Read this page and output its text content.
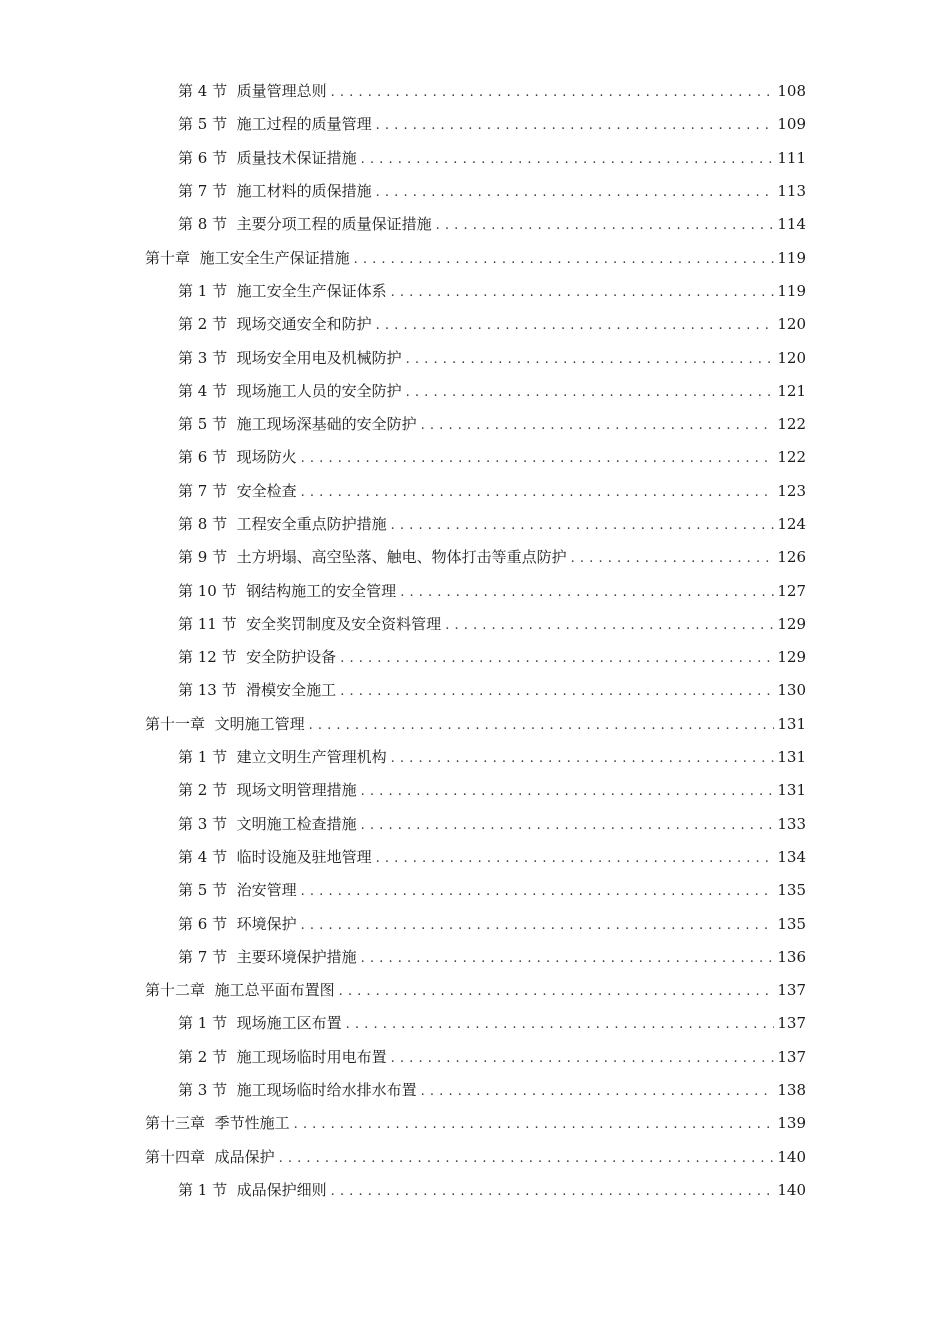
第 4 节 质量管理总则 . . .	108
第 5 节 施工过程的质量管理 . . .	109
第 6 节 质量技术保证措施 . . .	111
第 7 节 施工材料的质保措施 . . .	113
第 8 节 主要分项工程的质量保证措施 . . .	114
第十章 施工安全生产保证措施 . . .	119
第 1 节 施工安全生产保证体系 . . .	119
第 2 节 现场交通安全和防护 . . .	120
第 3 节 现场安全用电及机械防护 . . .	120
第 4 节 现场施工人员的安全防护 . . .	121
第 5 节 施工现场深基础的安全防护 . . .	122
第 6 节 现场防火 . . .	122
第 7 节 安全检查 . . .	123
第 8 节 工程安全重点防护措施 . . .	124
第 9 节 土方坍塌、高空坠落、触电、物体打击等重点防护 . . .	126
第 10 节 钢结构施工的安全管理 . . .	127
第 11 节 安全奖罚制度及安全资料管理 . . .	129
第 12 节 安全防护设备 . . .	129
第 13 节 滑模安全施工 . . .	130
第十一章 文明施工管理 . . .	131
第 1 节 建立文明生产管理机构 . . .	131
第 2 节 现场文明管理措施 . . .	131
第 3 节 文明施工检查措施 . . .	133
第 4 节 临时设施及驻地管理 . . .	134
第 5 节 治安管理 . . .	135
第 6 节 环境保护 . . .	135
第 7 节 主要环境保护措施 . . .	136
第十二章 施工总平面布置图 . . .	137
第 1 节 现场施工区布置 . . .	137
第 2 节 施工现场临时用电布置 . . .	137
第 3 节 施工现场临时给水排水布置 . . .	138
第十三章 季节性施工 . . .	139
第十四章 成品保护 . . .	140
第 1 节 成品保护细则 . . .	140
